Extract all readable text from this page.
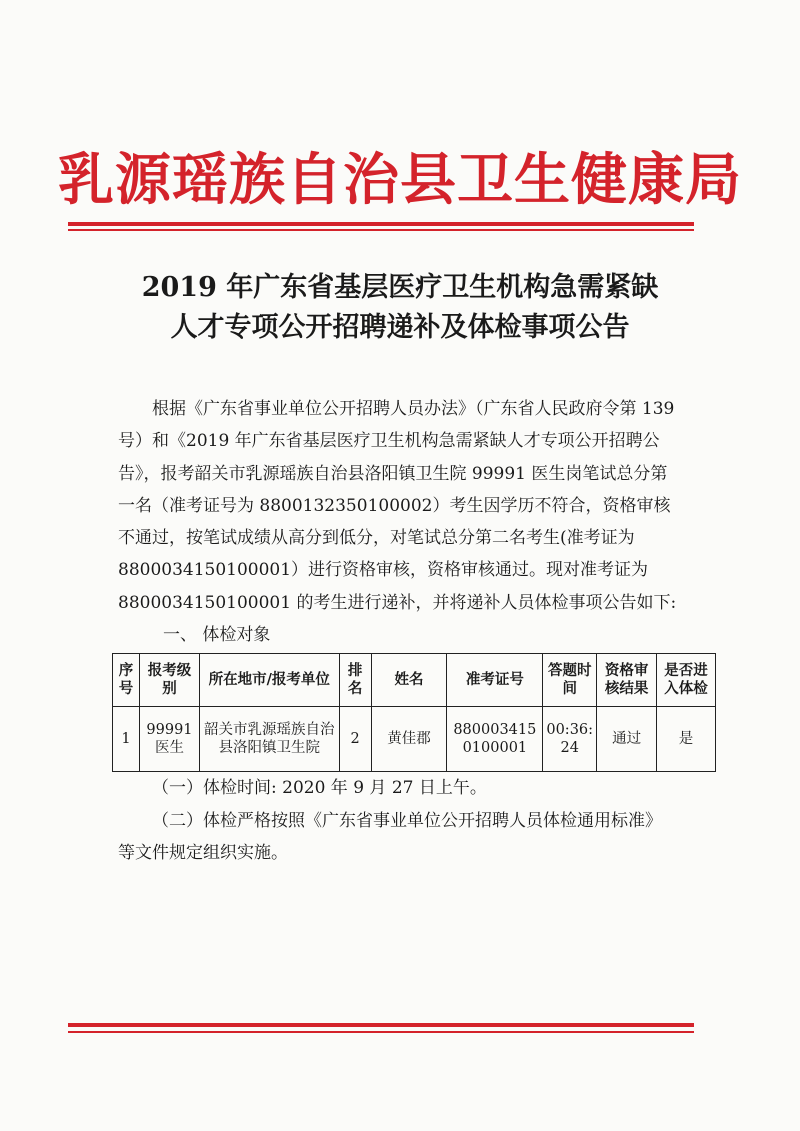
乳源瑶族自治县卫生健康局
2019 年广东省基层医疗卫生机构急需紧缺
人才专项公开招聘递补及体检事项公告

根据《广东省事业单位公开招聘人员办法》（广东省人民政府令第 139 号）和《2019 年广东省基层医疗卫生机构急需紧缺人才专项公开招聘公告》，报考韶关市乳源瑶族自治县洛阳镇卫生院 99991 医生岗笔试总分第一名（准考证号为 8800132350100002）考生因学历不符合，资格审核不通过，按笔试成绩从高分到低分，对笔试总分第二名考生(准考证为 8800034150100001）进行资格审核，资格审核通过。现对准考证为 8800034150100001 的考生进行递补，并将递补人员体检事项公告如下:

一、 体检对象

序号	报考级别	所在地市/报考单位	排名	姓名	准考证号	答题时间	资格审核结果	是否进入体检
1	99991医生	韶关市乳源瑶族自治县洛阳镇卫生院	2	黄佳郡	8800034150100001	00:36:24	通过	是

（一）体检时间: 2020 年 9 月 27 日上午。

（二）体检严格按照《广东省事业单位公开招聘人员体检通用标准》等文件规定组织实施。
